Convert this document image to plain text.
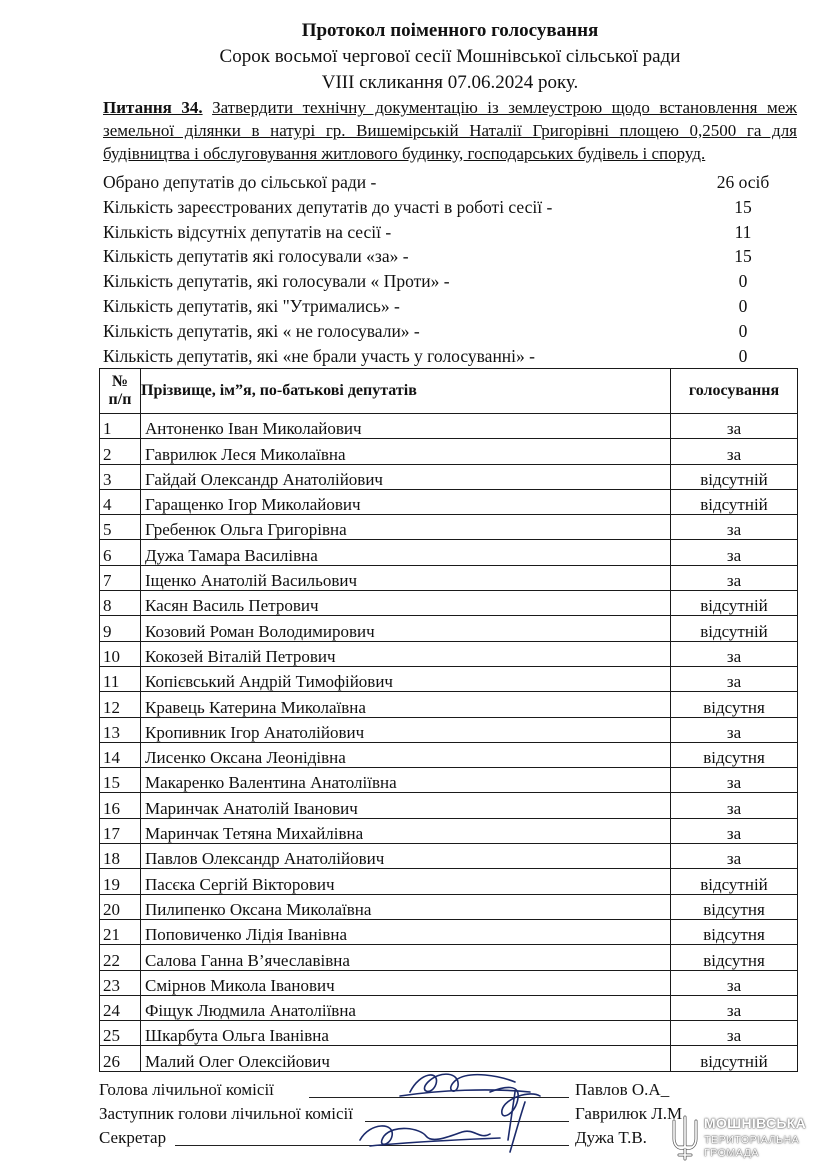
Протокол поіменного голосування
Сорок восьмої чергової сесії Мошнівської сільської ради
VIII скликання 07.06.2024 року.
Питання 34. Затвердити технічну документацію із землеустрою щодо встановлення меж земельної ділянки в натурі гр. Вишемірській Наталії Григорівні площею 0,2500 га для будівництва і обслуговування житлового будинку, господарських будівель і споруд.
Обрано депутатів до сільської ради -	26 осіб
Кількість зареєстрованих депутатів до участі в роботі сесії -	15
Кількість відсутніх депутатів на сесії -	11
Кількість депутатів які голосували «за» -	15
Кількість депутатів, які голосували « Проти» -	0
Кількість депутатів, які "Утримались» -	0
Кількість депутатів, які « не голосували» -	0
Кількість депутатів, які «не брали участь у голосуванні» -	0
№
п/п	Прізвище, ім”я, по-батькові депутатів	голосування
1	Антоненко Іван Миколайович	за
2	Гаврилюк Леся Миколаївна	за
3	Гайдай Олександр Анатолійович	відсутній
4	Гаращенко Ігор Миколайович	відсутній
5	Гребенюк Ольга Григорівна	за
6	Дужа Тамара Василівна	за
7	Іщенко Анатолій Васильович	за
8	Касян Василь Петрович	відсутній
9	Козовий Роман Володимирович	відсутній
10	Кокозей Віталій Петрович	за
11	Копієвський Андрій Тимофійович	за
12	Кравець Катерина Миколаївна	відсутня
13	Кропивник Ігор Анатолійович	за
14	Лисенко Оксана Леонідівна	відсутня
15	Макаренко Валентина Анатоліївна	за
16	Маринчак Анатолій Іванович	за
17	Маринчак Тетяна Михайлівна	за
18	Павлов Олександр Анатолійович	за
19	Пасєка Сергій Вікторович	відсутній
20	Пилипенко Оксана Миколаївна	відсутня
21	Поповиченко Лідія Іванівна	відсутня
22	Салова Ганна В’ячеславівна	відсутня
23	Смірнов Микола Іванович	за
24	Фіщук Людмила Анатоліївна	за
25	Шкарбута Ольга Іванівна	за
26	Малий Олег Олексійович	відсутній
Голова лічильної комісії	Павлов О.А_
Заступник голови лічильної комісії	Гаврилюк Л.М.
Секретар	Дужа Т.В.
МОШНІВСЬКА
ТЕРИТОРІАЛЬНА
ГРОМАДА
